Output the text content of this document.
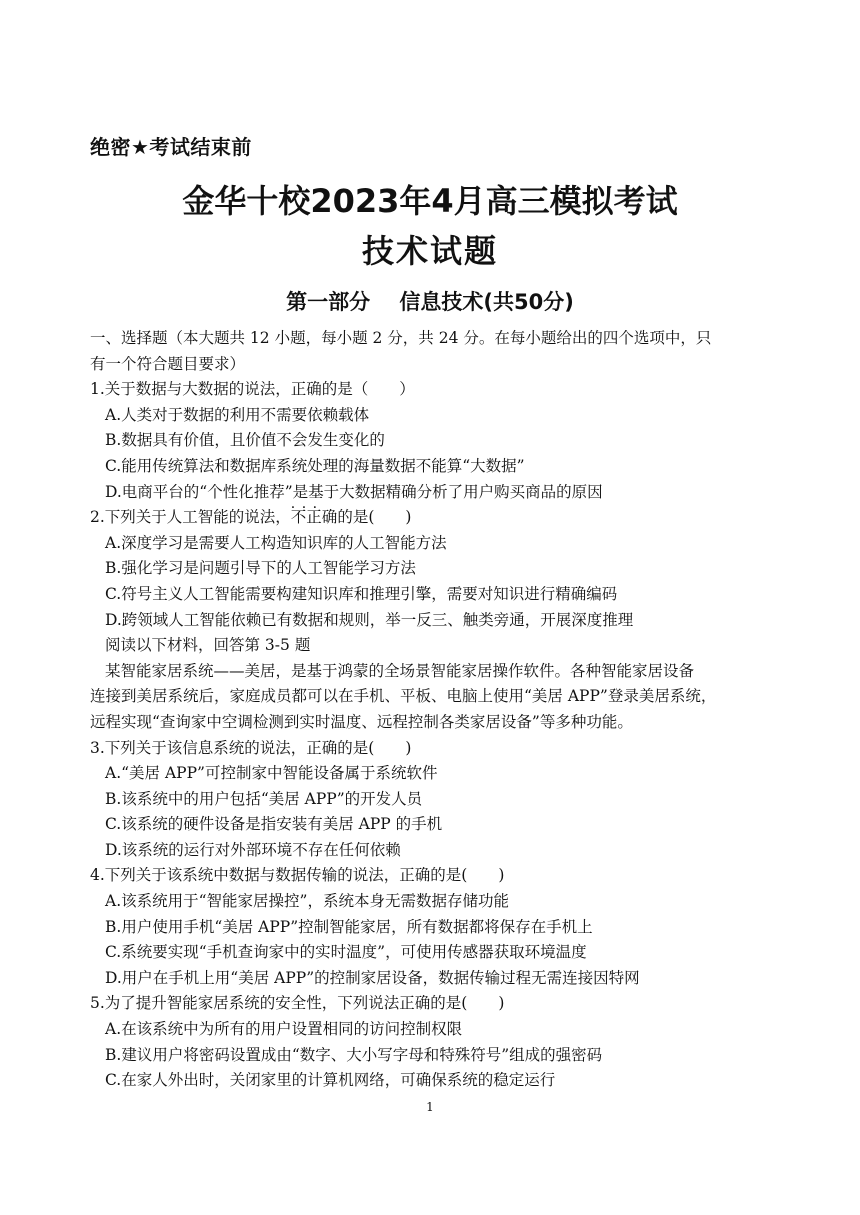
绝密★考试结束前
金华十校2023年4月高三模拟考试
技术试题
第一部分    信息技术(共50分)
一、选择题（本大题共 12 小题，每小题 2 分，共 24 分。在每小题给出的四个选项中，只
有一个符合题目要求）
1.关于数据与大数据的说法，正确的是（　　）
A.人类对于数据的利用不需要依赖载体
B.数据具有价值，且价值不会发生变化的
C.能用传统算法和数据库系统处理的海量数据不能算“大数据”
D.电商平台的“个性化推荐”是基于大数据精确分析了用户购买商品的原因
2.下列关于人工智能的说法，不正确 · · ·的是(　　)
A.深度学习是需要人工构造知识库的人工智能方法
B.强化学习是问题引导下的人工智能学习方法
C.符号主义人工智能需要构建知识库和推理引擎，需要对知识进行精确编码
D.跨领域人工智能依赖已有数据和规则，举一反三、触类旁通，开展深度推理
阅读以下材料，回答第 3-5 题
某智能家居系统——美居，是基于鸿蒙的全场景智能家居操作软件。各种智能家居设备
连接到美居系统后，家庭成员都可以在手机、平板、电脑上使用“美居 APP”登录美居系统，
远程实现“查询家中空调检测到实时温度、远程控制各类家居设备”等多种功能。
3.下列关于该信息系统的说法，正确的是(　　)
A.“美居 APP”可控制家中智能设备属于系统软件
B.该系统中的用户包括“美居 APP”的开发人员
C.该系统的硬件设备是指安装有美居 APP 的手机
D.该系统的运行对外部环境不存在任何依赖
4.下列关于该系统中数据与数据传输的说法，正确的是(　　)
A.该系统用于“智能家居操控”，系统本身无需数据存储功能
B.用户使用手机“美居 APP”控制智能家居，所有数据都将保存在手机上
C.系统要实现“手机查询家中的实时温度”，可使用传感器获取环境温度
D.用户在手机上用“美居 APP”的控制家居设备，数据传输过程无需连接因特网
5.为了提升智能家居系统的安全性，下列说法正确的是(　　)
A.在该系统中为所有的用户设置相同的访问控制权限
B.建议用户将密码设置成由“数字、大小写字母和特殊符号”组成的强密码
C.在家人外出时，关闭家里的计算机网络，可确保系统的稳定运行
1
